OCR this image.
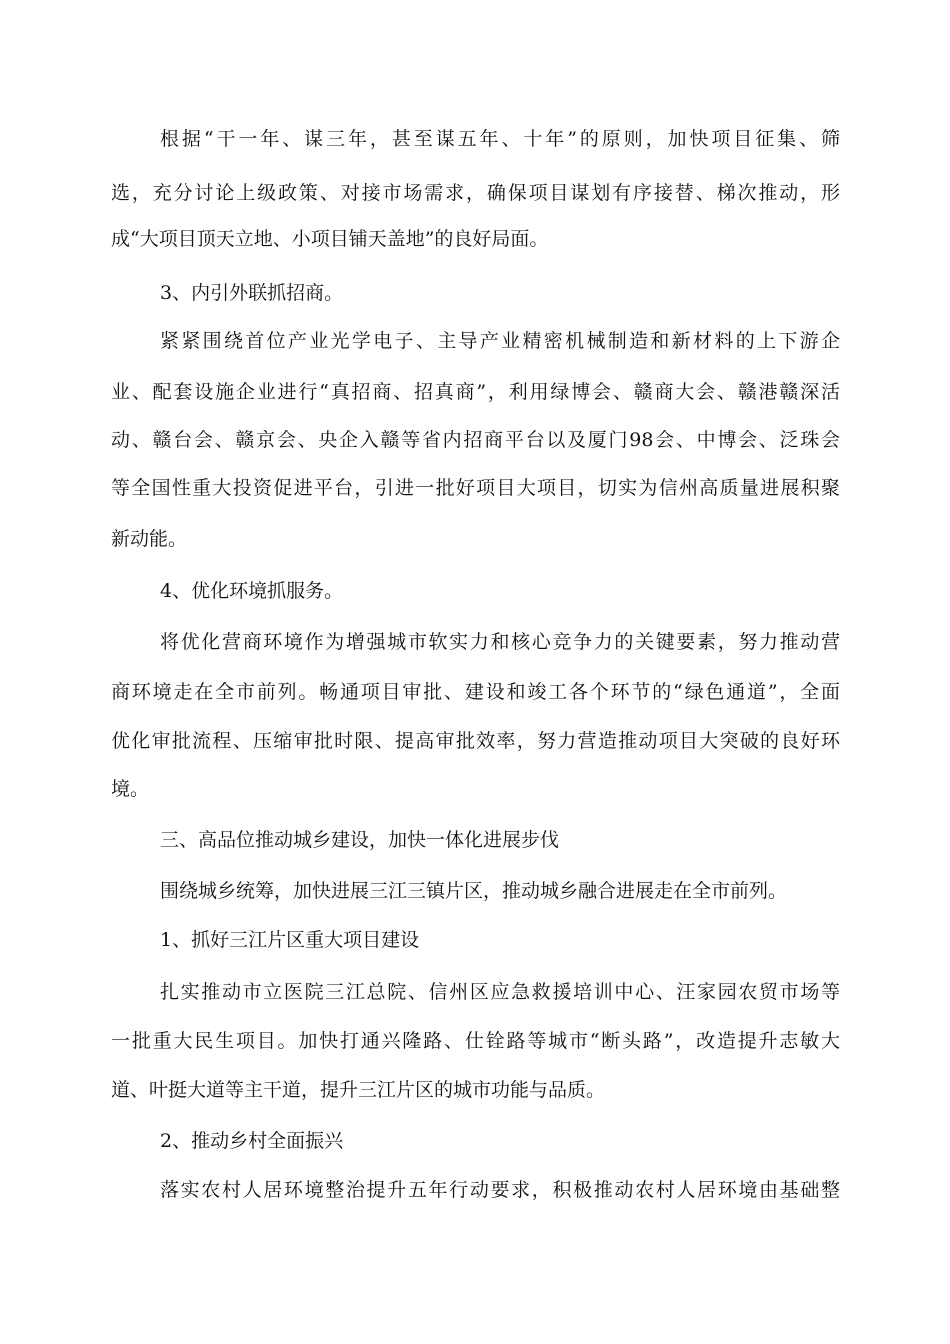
根据“干一年、谋三年，甚至谋五年、十年”的原则，加快项目征集、筛
选，充分讨论上级政策、对接市场需求，确保项目谋划有序接替、梯次推动，形
成“大项目顶天立地、小项目铺天盖地”的良好局面。
3、内引外联抓招商。
紧紧围绕首位产业光学电子、主导产业精密机械制造和新材料的上下游企
业、配套设施企业进行“真招商、招真商”，利用绿博会、赣商大会、赣港赣深活
动、赣台会、赣京会、央企入赣等省内招商平台以及厦门98会、中博会、泛珠会
等全国性重大投资促进平台，引进一批好项目大项目，切实为信州高质量进展积聚
新动能。
4、优化环境抓服务。
将优化营商环境作为增强城市软实力和核心竞争力的关键要素，努力推动营
商环境走在全市前列。畅通项目审批、建设和竣工各个环节的“绿色通道”，全面
优化审批流程、压缩审批时限、提高审批效率，努力营造推动项目大突破的良好环
境。
三、高品位推动城乡建设，加快一体化进展步伐
围绕城乡统筹，加快进展三江三镇片区，推动城乡融合进展走在全市前列。
1、抓好三江片区重大项目建设
扎实推动市立医院三江总院、信州区应急救援培训中心、汪家园农贸市场等
一批重大民生项目。加快打通兴隆路、仕铨路等城市“断头路”，改造提升志敏大
道、叶挺大道等主干道，提升三江片区的城市功能与品质。
2、推动乡村全面振兴
落实农村人居环境整治提升五年行动要求，积极推动农村人居环境由基础整
